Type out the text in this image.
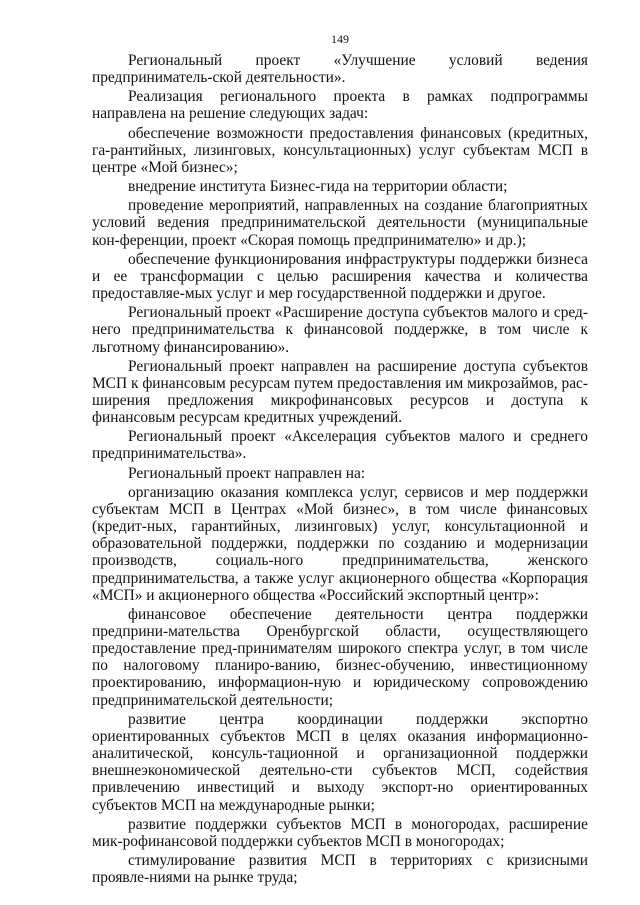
149

Региональный проект «Улучшение условий ведения предприниматель-ской деятельности».

Реализация регионального проекта в рамках подпрограммы направлена на решение следующих задач:

обеспечение возможности предоставления финансовых (кредитных, га-рантийных, лизинговых, консультационных) услуг субъектам МСП в центре «Мой бизнес»;

внедрение института Бизнес-гида на территории области;

проведение мероприятий, направленных на создание благоприятных условий ведения предпринимательской деятельности (муниципальные кон-ференции, проект «Скорая помощь предпринимателю» и др.);

обеспечение функционирования инфраструктуры поддержки бизнеса и ее трансформации с целью расширения качества и количества предоставляе-мых услуг и мер государственной поддержки и другое.

Региональный проект «Расширение доступа субъектов малого и сред-него предпринимательства к финансовой поддержке, в том числе к льготному финансированию».

Региональный проект направлен на расширение доступа субъектов МСП к финансовым ресурсам путем предоставления им микрозаймов, рас-ширения предложения микрофинансовых ресурсов и доступа к финансовым ресурсам кредитных учреждений.

Региональный проект «Акселерация субъектов малого и среднего предпринимательства».

Региональный проект направлен на:

организацию оказания комплекса услуг, сервисов и мер поддержки субъектам МСП в Центрах «Мой бизнес», в том числе финансовых (кредит-ных, гарантийных, лизинговых) услуг, консультационной и образовательной поддержки, поддержки по созданию и модернизации производств, социаль-ного предпринимательства, женского предпринимательства, а также услуг акционерного общества «Корпорация «МСП» и акционерного общества «Российский экспортный центр»:

финансовое обеспечение деятельности центра поддержки предприни-мательства Оренбургской области, осуществляющего предоставление пред-принимателям широкого спектра услуг, в том числе по налоговому планиро-ванию, бизнес-обучению, инвестиционному проектированию, информацион-ную и юридическому сопровождению предпринимательской деятельности;

развитие центра координации поддержки экспортно ориентированных субъектов МСП в целях оказания информационно-аналитической, консуль-тационной и организационной поддержки внешнеэкономической деятельно-сти субъектов МСП, содействия привлечению инвестиций и выходу экспорт-но ориентированных субъектов МСП на международные рынки;

развитие поддержки субъектов МСП в моногородах, расширение мик-рофинансовой поддержки субъектов МСП в моногородах;

стимулирование развития МСП в территориях с кризисными проявле-ниями на рынке труда;
